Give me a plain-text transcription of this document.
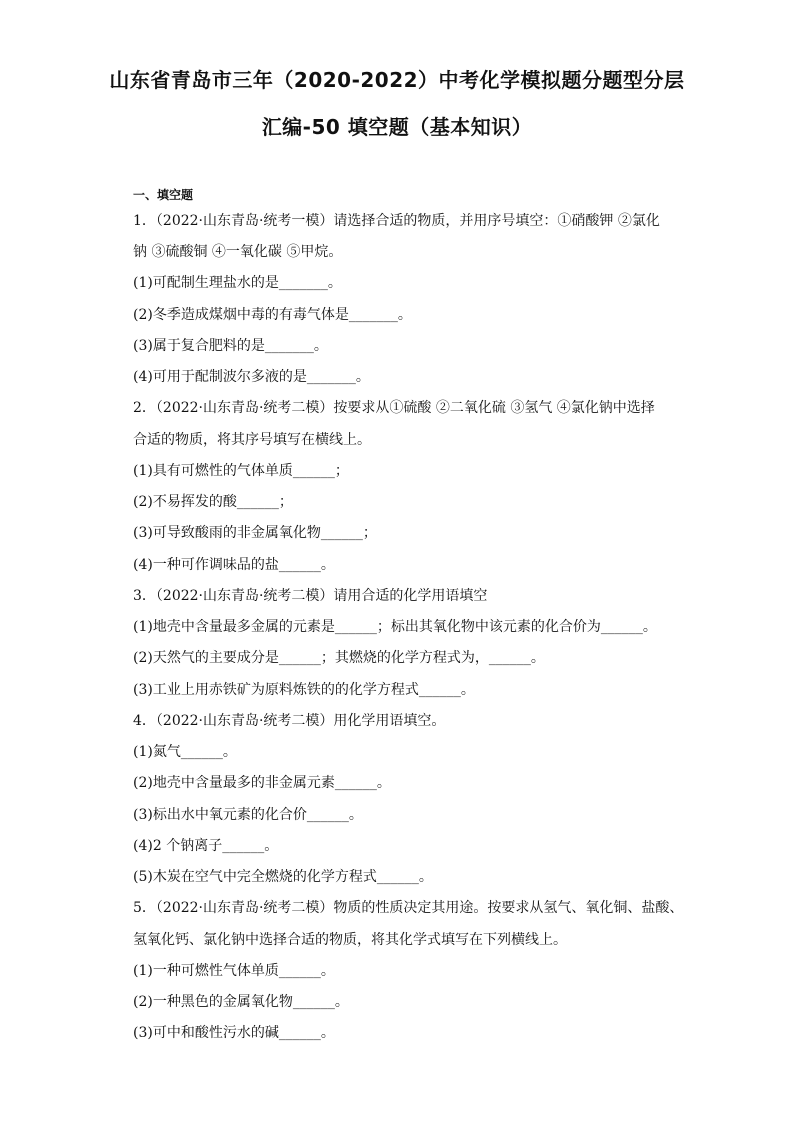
山东省青岛市三年（2020-2022）中考化学模拟题分题型分层
汇编-50 填空题（基本知识）
一、填空题
1．（2022·山东青岛·统考一模）请选择合适的物质，并用序号填空：①硝酸钾 ②氯化
钠 ③硫酸铜 ④一氧化碳 ⑤甲烷。
(1)可配制生理盐水的是_______。
(2)冬季造成煤烟中毒的有毒气体是_______。
(3)属于复合肥料的是_______。
(4)可用于配制波尔多液的是_______。
2．（2022·山东青岛·统考二模）按要求从①硫酸 ②二氧化硫 ③氢气 ④氯化钠中选择
合适的物质，将其序号填写在横线上。
(1)具有可燃性的气体单质______；
(2)不易挥发的酸______；
(3)可导致酸雨的非金属氧化物______；
(4)一种可作调味品的盐______。
3．（2022·山东青岛·统考二模）请用合适的化学用语填空
(1)地壳中含量最多金属的元素是______；标出其氧化物中该元素的化合价为______。
(2)天然气的主要成分是______；其燃烧的化学方程式为，______。
(3)工业上用赤铁矿为原料炼铁的的化学方程式______。
4．（2022·山东青岛·统考二模）用化学用语填空。
(1)氮气______。
(2)地壳中含量最多的非金属元素______。
(3)标出水中氧元素的化合价______。
(4)2 个钠离子______。
(5)木炭在空气中完全燃烧的化学方程式______。
5．（2022·山东青岛·统考二模）物质的性质决定其用途。按要求从氢气、氧化铜、盐酸、
氢氧化钙、氯化钠中选择合适的物质，将其化学式填写在下列横线上。
(1)一种可燃性气体单质______。
(2)一种黑色的金属氧化物______。
(3)可中和酸性污水的碱______。
